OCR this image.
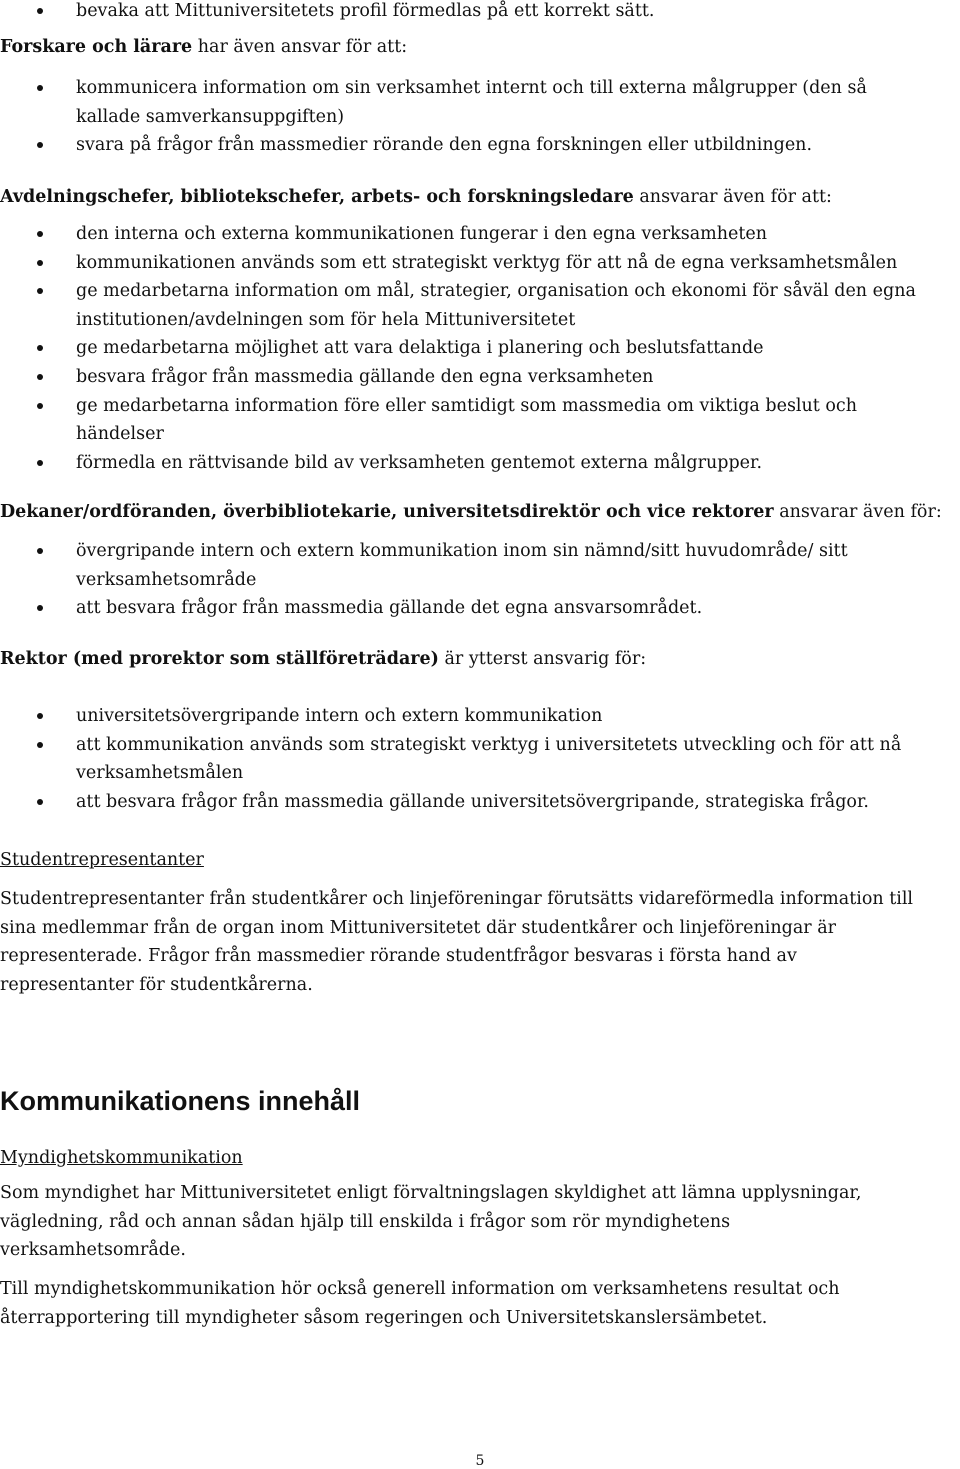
bevaka att Mittuniversitetets profil förmedlas på ett korrekt sätt.

Forskare och lärare har även ansvar för att:

kommunicera information om sin verksamhet internt och till externa målgrupper (den så
kallade samverkansuppgiften)
svara på frågor från massmedier rörande den egna forskningen eller utbildningen.

Avdelningschefer, bibliotekschefer, arbets- och forskningsledare ansvarar även för att:

den interna och externa kommunikationen fungerar i den egna verksamheten
kommunikationen används som ett strategiskt verktyg för att nå de egna verksamhetsmålen
ge medarbetarna information om mål, strategier, organisation och ekonomi för såväl den egna
institutionen/avdelningen som för hela Mittuniversitetet
ge medarbetarna möjlighet att vara delaktiga i planering och beslutsfattande
besvara frågor från massmedia gällande den egna verksamheten
ge medarbetarna information före eller samtidigt som massmedia om viktiga beslut och
händelser
förmedla en rättvisande bild av verksamheten gentemot externa målgrupper.

Dekaner/ordföranden, överbibliotekarie, universitetsdirektör och vice rektorer ansvarar även för:

övergripande intern och extern kommunikation inom sin nämnd/sitt huvudområde/ sitt
verksamhetsområde
att besvara frågor från massmedia gällande det egna ansvarsområdet.

Rektor (med prorektor som ställföreträdare) är ytterst ansvarig för:

universitetsövergripande intern och extern kommunikation
att kommunikation används som strategiskt verktyg i universitetets utveckling och för att nå
verksamhetsmålen
att besvara frågor från massmedia gällande universitetsövergripande, strategiska frågor.

Studentrepresentanter

Studentrepresentanter från studentkårer och linjeföreningar förutsätts vidareförmedla information till
sina medlemmar från de organ inom Mittuniversitetet där studentkårer och linjeföreningar är
representerade. Frågor från massmedier rörande studentfrågor besvaras i första hand av
representanter för studentkårerna.

Kommunikationens innehåll

Myndighetskommunikation

Som myndighet har Mittuniversitetet enligt förvaltningslagen skyldighet att lämna upplysningar,
vägledning, råd och annan sådan hjälp till enskilda i frågor som rör myndighetens
verksamhetsområde.

Till myndighetskommunikation hör också generell information om verksamhetens resultat och
återrapportering till myndigheter såsom regeringen och Universitetskanslersämbetet.

5
